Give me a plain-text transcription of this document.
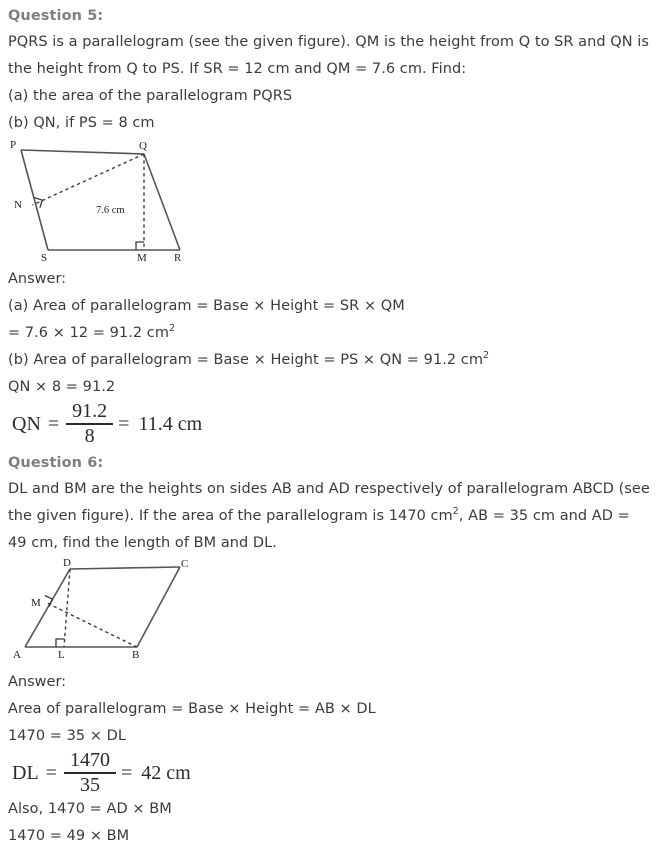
Question 5:

PQRS is a parallelogram (see the given figure). QM is the height from Q to SR and QN is the height from Q to PS. If SR = 12 cm and QM = 7.6 cm. Find:

(a) the area of the parallelogram PQRS

(b) QN, if PS = 8 cm

P	Q
N
S	M R
7.6 cm

Answer:

(a) Area of parallelogram = Base × Height = SR × QM

= 7.6 × 12 = 91.2 $cm^2$

(b) Area of parallelogram = Base × Height = PS × QN = 91.2 $cm^2$

QN × 8 = 91.2

QN = $\frac{91.2}{8} = 11.4$ cm

Question 6:

DL and BM are the heights on sides AB and AD respectively of parallelogram ABCD (see the given figure). If the area of the parallelogram is 1470 $cm^2$, AB = 35 cm and AD = 49 cm, find the length of BM and DL.

D	C
M
A	L	B

Answer:

Area of parallelogram = Base × Height = AB × DL

1470 = 35 × DL

DL = $\frac{1470}{35} = 42$ cm

Also, 1470 = AD × BM

1470 = 49 × BM
